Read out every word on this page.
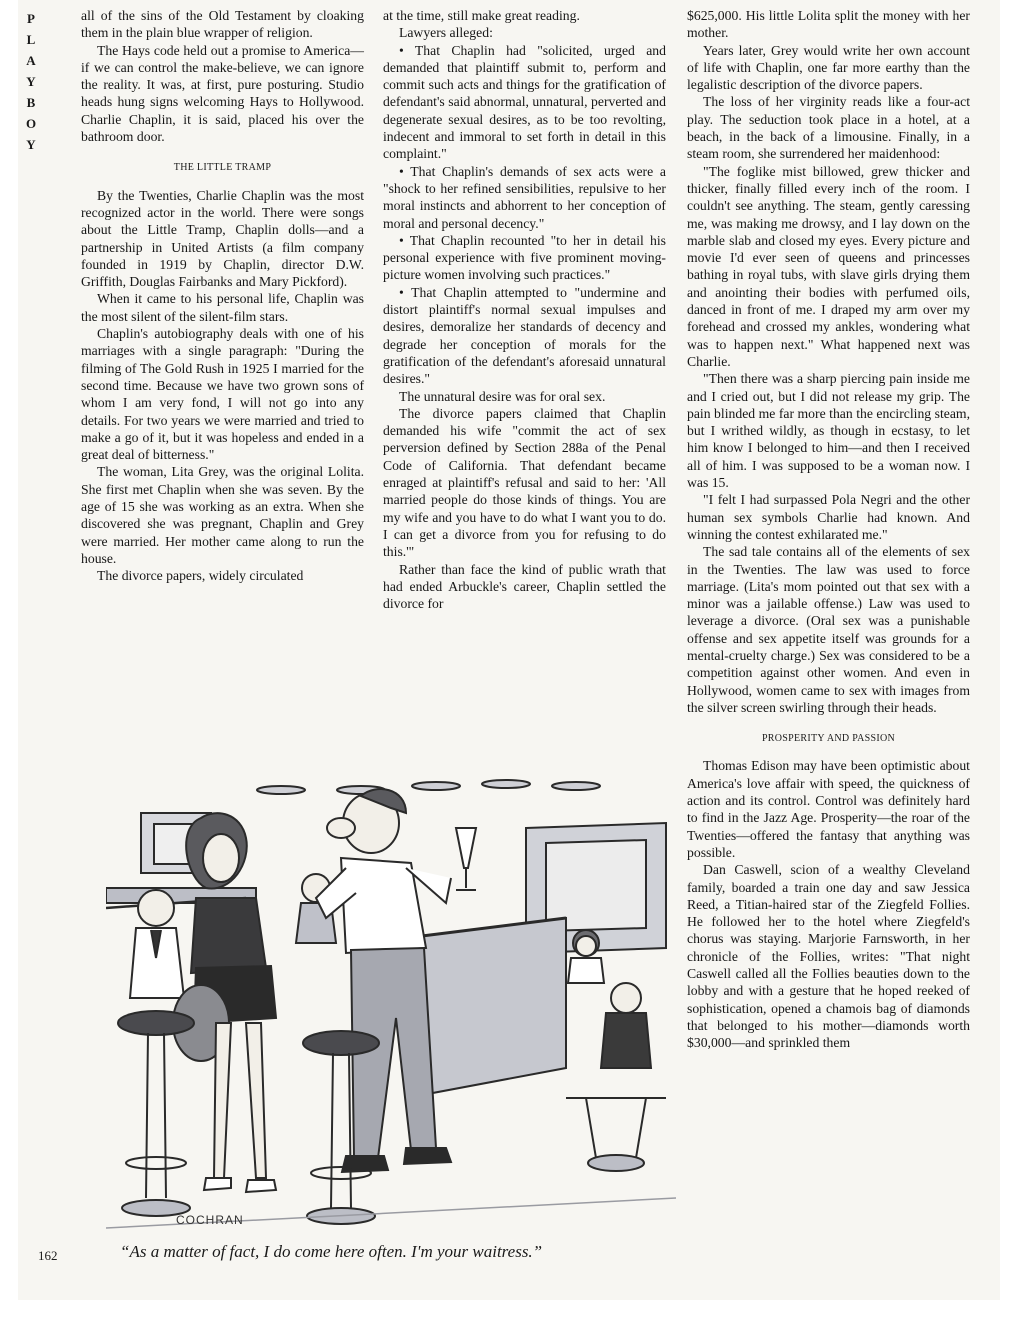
P
L
A
Y
B
O
Y

all of the sins of the Old Testament by cloaking them in the plain blue wrapper of religion.

The Hays code held out a promise to America—if we can control the make-believe, we can ignore the reality. It was, at first, pure posturing. Studio heads hung signs welcoming Hays to Hollywood. Charlie Chaplin, it is said, placed his over the bathroom door.

THE LITTLE TRAMP

By the Twenties, Charlie Chaplin was the most recognized actor in the world. There were songs about the Little Tramp, Chaplin dolls—and a partnership in United Artists (a film company founded in 1919 by Chaplin, director D.W. Griffith, Douglas Fairbanks and Mary Pickford).

When it came to his personal life, Chaplin was the most silent of the silent-film stars.

Chaplin's autobiography deals with one of his marriages with a single paragraph: "During the filming of The Gold Rush in 1925 I married for the second time. Because we have two grown sons of whom I am very fond, I will not go into any details. For two years we were married and tried to make a go of it, but it was hopeless and ended in a great deal of bitterness."

The woman, Lita Grey, was the original Lolita. She first met Chaplin when she was seven. By the age of 15 she was working as an extra. When she discovered she was pregnant, Chaplin and Grey were married. Her mother came along to run the house.

The divorce papers, widely circulated

at the time, still make great reading.

Lawyers alleged:

• That Chaplin had "solicited, urged and demanded that plaintiff submit to, perform and commit such acts and things for the gratification of defendant's said abnormal, unnatural, perverted and degenerate sexual desires, as to be too revolting, indecent and immoral to set forth in detail in this complaint."

• That Chaplin's demands of sex acts were a "shock to her refined sensibilities, repulsive to her moral instincts and abhorrent to her conception of moral and personal decency."

• That Chaplin recounted "to her in detail his personal experience with five prominent moving-picture women involving such practices."

• That Chaplin attempted to "undermine and distort plaintiff's normal sexual impulses and desires, demoralize her standards of decency and degrade her conception of morals for the gratification of the defendant's aforesaid unnatural desires."

The unnatural desire was for oral sex.

The divorce papers claimed that Chaplin demanded his wife "commit the act of sex perversion defined by Section 288a of the Penal Code of California. That defendant became enraged at plaintiff's refusal and said to her: 'All married people do those kinds of things. You are my wife and you have to do what I want you to do. I can get a divorce from you for refusing to do this.'"

Rather than face the kind of public wrath that had ended Arbuckle's career, Chaplin settled the divorce for

$625,000. His little Lolita split the money with her mother.

Years later, Grey would write her own account of life with Chaplin, one far more earthy than the legalistic description of the divorce papers.

The loss of her virginity reads like a four-act play. The seduction took place in a hotel, at a beach, in the back of a limousine. Finally, in a steam room, she surrendered her maidenhood:

"The foglike mist billowed, grew thicker and thicker, finally filled every inch of the room. I couldn't see anything. The steam, gently caressing me, was making me drowsy, and I lay down on the marble slab and closed my eyes. Every picture and movie I'd ever seen of queens and princesses bathing in royal tubs, with slave girls drying them and anointing their bodies with perfumed oils, danced in front of me. I draped my arm over my forehead and crossed my ankles, wondering what was to happen next." What happened next was Charlie.

"Then there was a sharp piercing pain inside me and I cried out, but I did not release my grip. The pain blinded me far more than the encircling steam, but I writhed wildly, as though in ecstasy, to let him know I belonged to him—and then I received all of him. I was supposed to be a woman now. I was 15.

"I felt I had surpassed Pola Negri and the other human sex symbols Charlie had known. And winning the contest exhilarated me."

The sad tale contains all of the elements of sex in the Twenties. The law was used to force marriage. (Lita's mom pointed out that sex with a minor was a jailable offense.) Law was used to leverage a divorce. (Oral sex was a punishable offense and sex appetite itself was grounds for a mental-cruelty charge.) Sex was considered to be a competition against other women. And even in Hollywood, women came to sex with images from the silver screen swirling through their heads.

PROSPERITY AND PASSION

Thomas Edison may have been optimistic about America's love affair with speed, the quickness of action and its control. Control was definitely hard to find in the Jazz Age. Prosperity—the roar of the Twenties—offered the fantasy that anything was possible.

Dan Caswell, scion of a wealthy Cleveland family, boarded a train one day and saw Jessica Reed, a Titian-haired star of the Ziegfeld Follies. He followed her to the hotel where Ziegfeld's chorus was staying. Marjorie Farnsworth, in her chronicle of the Follies, writes: "That night Caswell called all the Follies beauties down to the lobby and with a gesture that he hoped reeked of sophistication, opened a chamois bag of diamonds that belonged to his mother—diamonds worth $30,000—and sprinkled them

COCHRAN
162	“As a matter of fact, I do come here often. I'm your waitress.”
